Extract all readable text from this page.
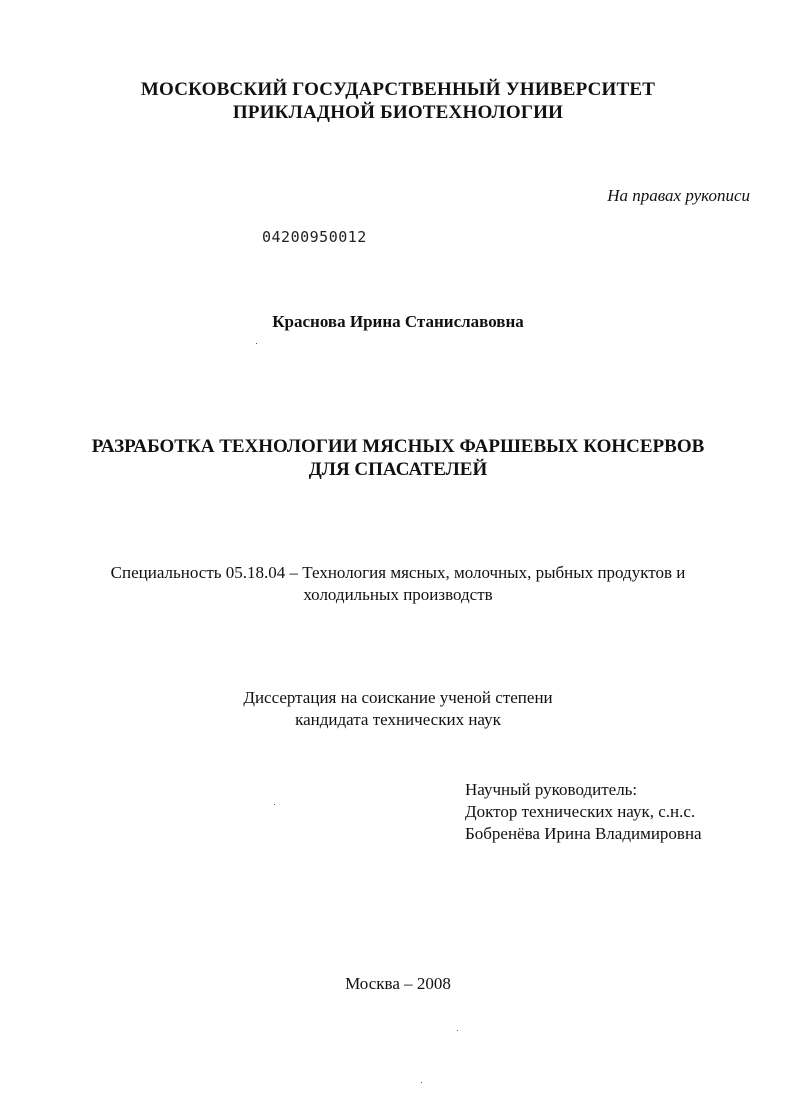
МОСКОВСКИЙ ГОСУДАРСТВЕННЫЙ УНИВЕРСИТЕТ
ПРИКЛАДНОЙ БИОТЕХНОЛОГИИ
На правах рукописи
04200950012
Краснова Ирина Станиславовна
РАЗРАБОТКА ТЕХНОЛОГИИ МЯСНЫХ ФАРШЕВЫХ КОНСЕРВОВ
ДЛЯ СПАСАТЕЛЕЙ
Специальность 05.18.04 – Технология мясных, молочных, рыбных продуктов и
холодильных производств
Диссертация на соискание ученой степени
кандидата технических наук
Научный руководитель:
Доктор технических наук, с.н.с.
Бобренёва Ирина Владимировна
Москва – 2008
